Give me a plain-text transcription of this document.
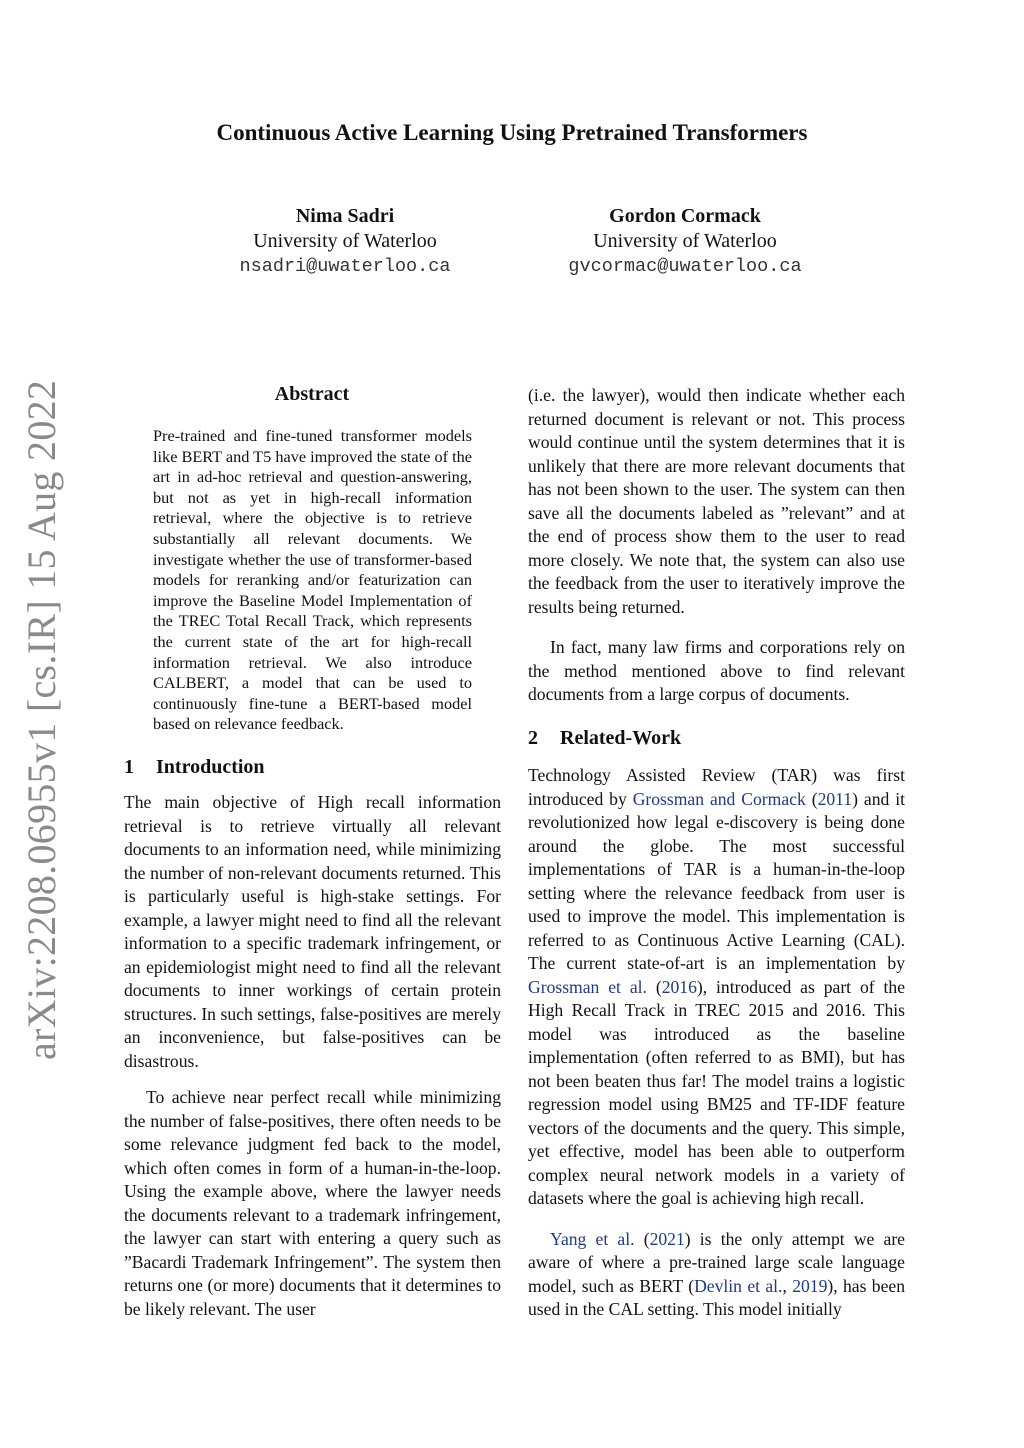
arXiv:2208.06955v1 [cs.IR] 15 Aug 2022
Continuous Active Learning Using Pretrained Transformers
Nima Sadri
University of Waterloo
nsadri@uwaterloo.ca
Gordon Cormack
University of Waterloo
gvcormac@uwaterloo.ca
Abstract
Pre-trained and fine-tuned transformer models like BERT and T5 have improved the state of the art in ad-hoc retrieval and question-answering, but not as yet in high-recall information retrieval, where the objective is to retrieve substantially all relevant documents. We investigate whether the use of transformer-based models for reranking and/or featurization can improve the Baseline Model Implementation of the TREC Total Recall Track, which represents the current state of the art for high-recall information retrieval. We also introduce CALBERT, a model that can be used to continuously fine-tune a BERT-based model based on relevance feedback.
1 Introduction

The main objective of High recall information retrieval is to retrieve virtually all relevant documents to an information need, while minimizing the number of non-relevant documents returned. This is particularly useful is high-stake settings. For example, a lawyer might need to find all the relevant information to a specific trademark infringement, or an epidemiologist might need to find all the relevant documents to inner workings of certain protein structures. In such settings, false-positives are merely an inconvenience, but false-positives can be disastrous.

To achieve near perfect recall while minimizing the number of false-positives, there often needs to be some relevance judgment fed back to the model, which often comes in form of a human-in-the-loop. Using the example above, where the lawyer needs the documents relevant to a trademark infringement, the lawyer can start with entering a query such as ”Bacardi Trademark Infringement”. The system then returns one (or more) documents that it determines to be likely relevant. The user

(i.e. the lawyer), would then indicate whether each returned document is relevant or not. This process would continue until the system determines that it is unlikely that there are more relevant documents that has not been shown to the user. The system can then save all the documents labeled as ”relevant” and at the end of process show them to the user to read more closely. We note that, the system can also use the feedback from the user to iteratively improve the results being returned.

In fact, many law firms and corporations rely on the method mentioned above to find relevant documents from a large corpus of documents.

2 Related-Work

Technology Assisted Review (TAR) was first introduced by Grossman and Cormack (2011) and it revolutionized how legal e-discovery is being done around the globe. The most successful implementations of TAR is a human-in-the-loop setting where the relevance feedback from user is used to improve the model. This implementation is referred to as Continuous Active Learning (CAL). The current state-of-art is an implementation by Grossman et al. (2016), introduced as part of the High Recall Track in TREC 2015 and 2016. This model was introduced as the baseline implementation (often referred to as BMI), but has not been beaten thus far! The model trains a logistic regression model using BM25 and TF-IDF feature vectors of the documents and the query. This simple, yet effective, model has been able to outperform complex neural network models in a variety of datasets where the goal is achieving high recall.

Yang et al. (2021) is the only attempt we are aware of where a pre-trained large scale language model, such as BERT (Devlin et al., 2019), has been used in the CAL setting. This model initially
